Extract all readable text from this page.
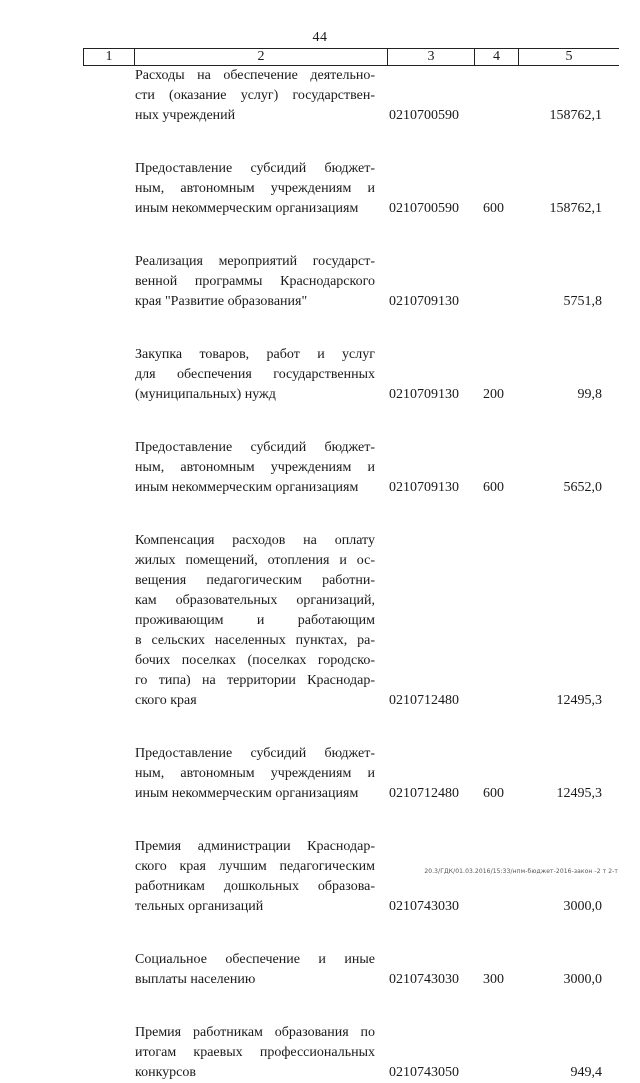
44
1	2	3	4	5
Расходы на обеспечение деятельно-
сти (оказание услуг) государствен-
ных учреждений	0210700590	158762,1
Предоставление субсидий бюджет-
ным, автономным учреждениям и
иным некоммерческим организациям	0210700590 600	158762,1
Реализация мероприятий государст-
венной программы Краснодарского
края "Развитие образования"	0210709130	5751,8
Закупка товаров, работ и услуг
для обеспечения государственных
(муниципальных) нужд	0210709130 200	99,8
Предоставление субсидий бюджет-
ным, автономным учреждениям и
иным некоммерческим организациям	0210709130 600	5652,0
Компенсация расходов на оплату
жилых помещений, отопления и ос-
вещения педагогическим работни-
кам образовательных организаций,
проживающим и работающим
в сельских населенных пунктах, ра-
бочих поселках (поселках городско-
го типа) на территории Краснодар-
ского края	0210712480	12495,3
Предоставление субсидий бюджет-
ным, автономным учреждениям и
иным некоммерческим организациям	0210712480 600	12495,3
Премия администрации Краснодар-
ского края лучшим педагогическим
работникам дошкольных образова-
тельных организаций	0210743030	3000,0
Социальное обеспечение и иные
выплаты населению	0210743030 300	3000,0
Премия работникам образования по
итогам краевых профессиональных
конкурсов	0210743050	949,4
20.3/ГДК/01.03.2016/15:33/нпм-бюджет-2016-закон -2 т 2-т
